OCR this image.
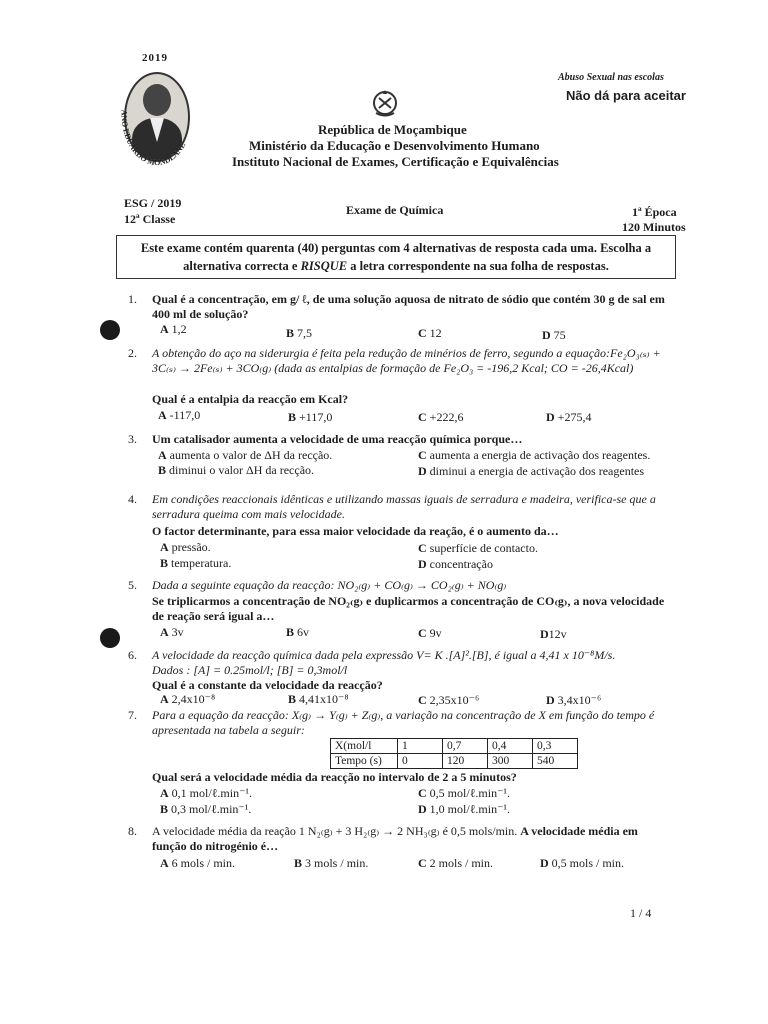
2019
ANO EDUARDO MONDLANE
Abuso Sexual nas escolas
Não dá para aceitar
República de Moçambique
Ministério da Educação e Desenvolvimento Humano
Instituto Nacional de Exames, Certificação e Equivalências
ESG / 2019
12ª Classe
Exame de Química	1ª Época
120 Minutos
Este exame contém quarenta (40) perguntas com 4 alternativas de resposta cada uma. Escolha a alternativa correcta e RISQUE a letra correspondente na sua folha de respostas.
1.	Qual é a concentração, em g/ ℓ, de uma solução aquosa de nitrato de sódio que contém 30 g de sal em 400 ml de solução?
A 1,2	B 7,5	C 12	D 75
2.	A obtenção do aço na siderurgia é feita pela redução de minérios de ferro, segundo a equação:Fe₂O₃₍ₛ₎ + 3C₍ₛ₎ → 2Fe₍ₛ₎ + 3CO₍g₎ (dada as entalpias de formação de Fe₂O₃ = -196,2 Kcal; CO = -26,4Kcal)
Qual é a entalpia da reacção em Kcal?
A -117,0	B +117,0	C +222,6	D +275,4
3.	Um catalisador aumenta a velocidade de uma reacção química porque…
A aumenta o valor de ΔH da recção.	C aumenta a energia de activação dos reagentes.
B diminui o valor ΔH da recção.	D diminui a energia de activação dos reagentes
4.	Em condições reaccionais idênticas e utilizando massas iguais de serradura e madeira, verifica-se que a serradura queima com mais velocidade.
O factor determinante, para essa maior velocidade da reação, é o aumento da…
A pressão.	C superfície de contacto.
B temperatura.	D concentração
5.	Dada a seguinte equação da reacção: NO₂₍g₎ + CO₍g₎ → CO₂₍g₎ + NO₍g₎
Se triplicarmos a concentração de NO₂₍g₎ e duplicarmos a concentração de CO₍g₎, a nova velocidade de reação será igual a…
A 3v	B 6v	C 9v	D12v
6.	A velocidade da reacção química dada pela expressão V= K .[A]².[B], é igual a 4,41 x 10⁻⁸M/s.
Dados : [A] = 0.25mol/l; [B] = 0,3mol/l
Qual é a constante da velocidade da reacção?
A 2,4x10⁻⁸	B 4,41x10⁻⁸	C 2,35x10⁻⁶	D 3,4x10⁻⁶
7.	Para a equação da reacção: X₍g₎ → Y₍g₎ + Z₍g₎, a variação na concentração de X em função do tempo é apresentada na tabela a seguir:
X(mol/l	1	0,7	0,4	0,3
Tempo (s)	0	120	300	540
Qual será a velocidade média da reacção no intervalo de 2 a 5 minutos?
A 0,1 mol/ℓ.min⁻¹.	C 0,5 mol/ℓ.min⁻¹.
B 0,3 mol/ℓ.min⁻¹.	D 1,0 mol/ℓ.min⁻¹.
8.	A velocidade média da reação 1 N₂₍g₎ + 3 H₂₍g₎ → 2 NH₃₍g₎ é 0,5 mols/min. A velocidade média em função do nitrogénio é…
A 6 mols / min.	B 3 mols / min.	C 2 mols / min.	D 0,5 mols / min.
1 / 4
